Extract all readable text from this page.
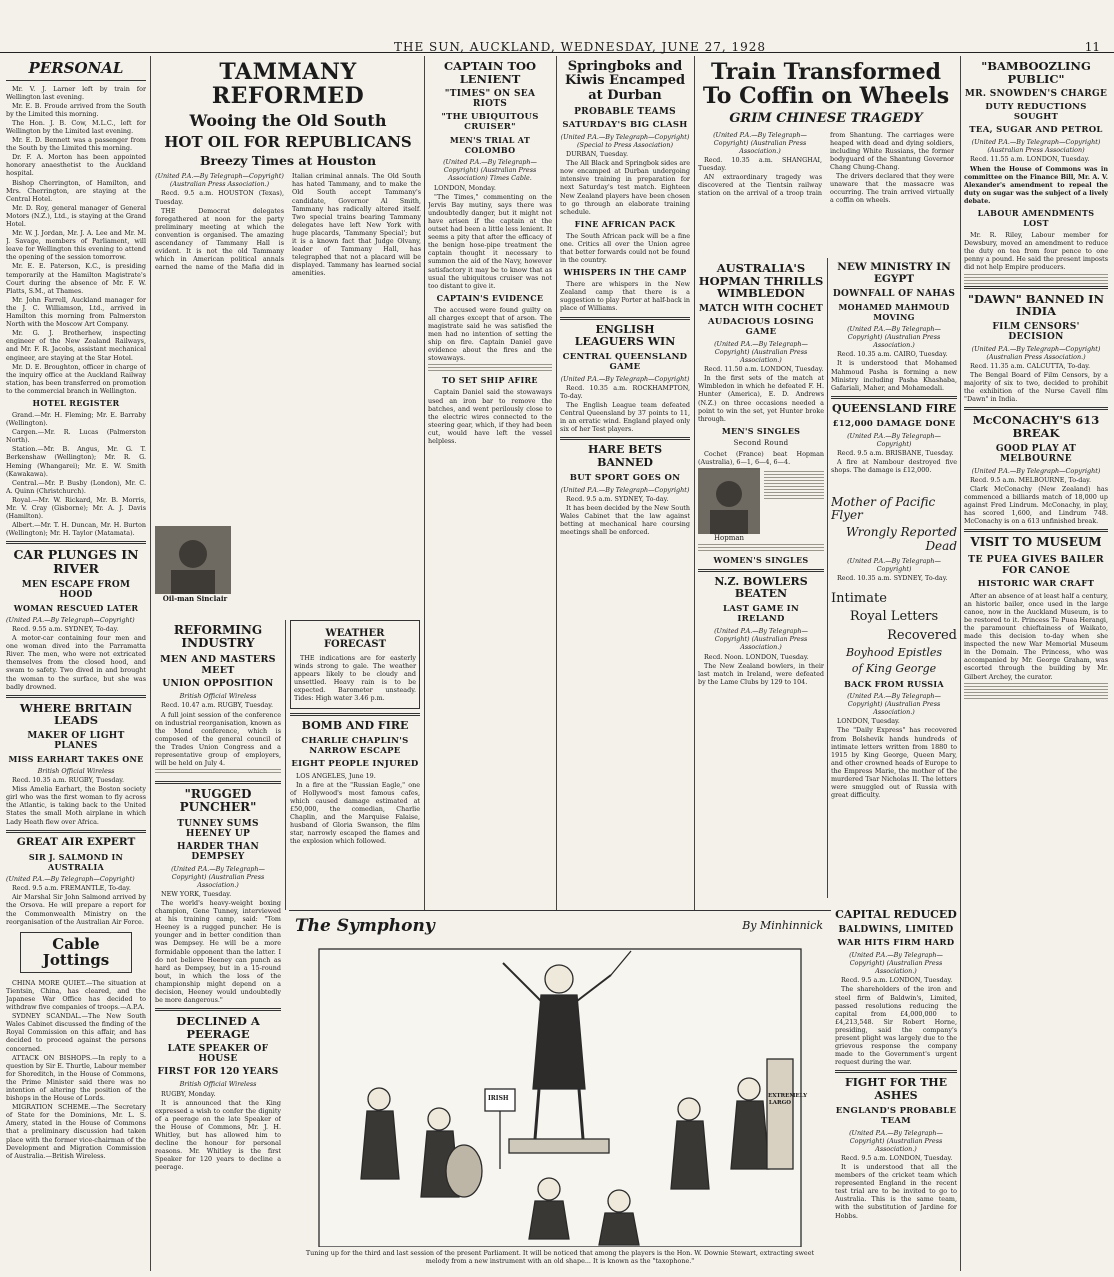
THE SUN, AUCKLAND, WEDNESDAY, JUNE 27, 1928	11
PERSONAL

Mr. V. J. Larner left by train for Wellington last evening.

Mr. E. B. Froude arrived from the South by the Limited this morning.

The Hon. J. B. Cow, M.L.C., left for Wellington by the Limited last evening.

Mr. E. D. Bennett was a passenger from the South by the Limited this morning.

Dr. F. A. Morton has been appointed honorary anaesthetist to the Auckland hospital.

Bishop Cherrington, of Hamilton, and Mrs. Cherrington, are staying at the Central Hotel.

Mr. D. Roy, general manager of General Motors (N.Z.), Ltd., is staying at the Grand Hotel.

Mr. W. J. Jordan, Mr. J. A. Lee and Mr. M. J. Savage, members of Parliament, will leave for Wellington this evening to attend the opening of the session tomorrow.

Mr. E. E. Paterson, K.C., is presiding temporarily at the Hamilton Magistrate's Court during the absence of Mr. F. W. Platts, S.M., at Thames.

Mr. John Farrell, Auckland manager for the J. C. Williamson, Ltd., arrived in Hamilton this morning from Palmerston North with the Moscow Art Company.

Mr. G. J. Brotherhew, inspecting engineer of the New Zealand Railways, and Mr. F. R. Jacobs, assistant mechanical engineer, are staying at the Star Hotel.

Mr. D. E. Broughton, officer in charge of the inquiry office at the Auckland Railway station, has been transferred on promotion to the commercial branch in Wellington.

HOTEL REGISTER

Grand.—Mr. H. Fleming; Mr. E. Barraby (Wellington).

Cargen.—Mr. R. Lucas (Palmerston North).

Station.—Mr. B. Angus, Mr. G. T. Berkenshaw (Wellington); Mr. R. G. Heming (Whangarei); Mr. E. W. Smith (Kawakawa).

Central.—Mr. P. Busby (London), Mr. C. A. Quinn (Christchurch).

Royal.—Mr. W. Rickard, Mr. B. Morris, Mr. V. Cray (Gisborne); Mr. A. J. Davis (Hamilton).

Albert.—Mr. T. H. Duncan, Mr. H. Burton (Wellington); Mr. H. Taylor (Matamata).

CAR PLUNGES IN RIVER
MEN ESCAPE FROM HOOD
WOMAN RESCUED LATER

(United P.A.—By Telegraph—Copyright)

Recd. 9.55 a.m. SYDNEY, To-day.

A motor-car containing four men and one woman dived into the Parramatta River. The men, who were not extricated themselves from the closed hood, and swam to safety. Two dived in and brought the woman to the surface, but she was badly drowned.

WHERE BRITAIN LEADS
MAKER OF LIGHT PLANES
MISS EARHART TAKES ONE

British Official Wireless

Recd. 10.35 a.m. RUGBY, Tuesday.

Miss Amelia Earhart, the Boston society girl who was the first woman to fly across the Atlantic, is taking back to the United States the small Moth airplane in which Lady Heath flew over Africa.

GREAT AIR EXPERT
SIR J. SALMOND IN AUSTRALIA

(United P.A.—By Telegraph—Copyright)

Recd. 9.5 a.m. FREMANTLE, To-day.

Air Marshal Sir John Salmond arrived by the Orsova. He will prepare a report for the Commonwealth Ministry on the reorganisation of the Australian Air Force.

Cable Jottings

CHINA MORE QUIET.—The situation at Tientsin, China, has cleared, and the Japanese War Office has decided to withdraw five companies of troops.—A.P.A.

SYDNEY SCANDAL.—The New South Wales Cabinet discussed the finding of the Royal Commission on this affair, and has decided to proceed against the persons concerned.

ATTACK ON BISHOPS.—In reply to a question by Sir E. Thurtle, Labour member for Shoreditch, in the House of Commons, the Prime Minister said there was no intention of altering the position of the bishops in the House of Lords.

MIGRATION SCHEME.—The Secretary of State for the Dominions, Mr. L. S. Amery, stated in the House of Commons that a preliminary discussion had taken place with the former vice-chairman of the Development and Migration Commission of Australia.—British Wireless.

TAMMANY REFORMED
Wooing the Old South
HOT OIL FOR REPUBLICANS
Breezy Times at Houston

(United P.A.—By Telegraph—Copyright) (Australian Press Association.)

Recd. 9.5 a.m. HOUSTON (Texas), Tuesday.

THE Democrat delegates foregathered at noon for the party preliminary meeting at which the convention is organised. The amazing ascendancy of Tammany Hall is evident. It is not the old Tammany which in American political annals earned the name of the Mafia did in Italian criminal annals. The Old South has hated Tammany, and to make the Old South accept Tammany's candidate, Governor Al Smith, Tammany has radically altered itself. Two special trains bearing Tammany delegates have left New York with huge placards, 'Tammany Special'; but it is a known fact that Judge Olvany, leader of Tammany Hall, has telegraphed that not a placard will be displayed. Tammany has learned social amenities.

Oil-man Sinclair
REFORMING INDUSTRY
MEN AND MASTERS MEET
UNION OPPOSITION

British Official Wireless

Recd. 10.47 a.m. RUGBY, Tuesday.

A full joint session of the conference on industrial reorganisation, known as the Mond conference, which is composed of the general council of the Trades Union Congress and a representative group of employers, will be held on July 4.

"RUGGED PUNCHER"
TUNNEY SUMS HEENEY UP
HARDER THAN DEMPSEY

(United P.A.—By Telegraph—Copyright) (Australian Press Association.)

NEW YORK, Tuesday.

The world's heavy-weight boxing champion, Gene Tunney, interviewed at his training camp, said: "Tom Heeney is a rugged puncher. He is younger and in better condition than was Dempsey. He will be a more formidable opponent than the latter. I do not believe Heeney can punch as hard as Dempsey, but in a 15-round bout, in which the loss of the championship might depend on a decision, Heeney would undoubtedly be more dangerous."

DECLINED A PEERAGE
LATE SPEAKER OF HOUSE
FIRST FOR 120 YEARS

British Official Wireless

RUGBY, Monday.

It is announced that the King expressed a wish to confer the dignity of a peerage on the late Speaker of the House of Commons, Mr. J. H. Whitley, but has allowed him to decline the honour for personal reasons. Mr. Whitley is the first Speaker for 120 years to decline a peerage.

WEATHER FORECAST

THE indications are for easterly winds strong to gale. The weather appears likely to be cloudy and unsettled. Heavy rain is to be expected. Barometer unsteady. Tides: High water 3.46 p.m.

BOMB AND FIRE
CHARLIE CHAPLIN'S NARROW ESCAPE
EIGHT PEOPLE INJURED

LOS ANGELES, June 19.

In a fire at the "Russian Eagle," one of Hollywood's most famous cafes, which caused damage estimated at £50,000, the comedian, Charlie Chaplin, and the Marquise Falaise, husband of Gloria Swanson, the film star, narrowly escaped the flames and the explosion which followed.

CAPTAIN TOO LENIENT
"TIMES" ON SEA RIOTS
"THE UBIQUITOUS CRUISER"
MEN'S TRIAL AT COLOMBO

(United P.A.—By Telegraph—Copyright) (Australian Press Association) Times Cable.

LONDON, Monday.

"The Times," commenting on the Jervis Bay mutiny, says there was undoubtedly danger, but it might not have arisen if the captain at the outset had been a little less lenient. It seems a pity that after the efficacy of the benign hose-pipe treatment the captain thought it necessary to summon the aid of the Navy, however satisfactory it may be to know that as usual the ubiquitous cruiser was not too distant to give it.

CAPTAIN'S EVIDENCE

The accused were found guilty on all charges except that of arson. The magistrate said he was satisfied the men had no intention of setting the ship on fire. Captain Daniel gave evidence about the fires and the stowaways.

TO SET SHIP AFIRE

Captain Daniel said the stowaways used an iron bar to remove the batches, and went perilously close to the electric wires connected to the steering gear, which, if they had been cut, would have left the vessel helpless.

Springboks and Kiwis Encamped at Durban
PROBABLE TEAMS
SATURDAY'S BIG CLASH

(United P.A.—By Telegraph—Copyright) (Special to Press Association)

DURBAN, Tuesday.

The All Black and Springbok sides are now encamped at Durban undergoing intensive training in preparation for next Saturday's test match. Eighteen New Zealand players have been chosen to go through an elaborate training schedule.

FINE AFRICAN PACK

The South African pack will be a fine one. Critics all over the Union agree that better forwards could not be found in the country.

WHISPERS IN THE CAMP

There are whispers in the New Zealand camp that there is a suggestion to play Porter at half-back in place of Williams.

ENGLISH LEAGUERS WIN
CENTRAL QUEENSLAND GAME

(United P.A.—By Telegraph—Copyright)

Recd. 10.35 a.m. ROCKHAMPTON, To-day.

The English League team defeated Central Queensland by 37 points to 11, in an erratic wind. England played only six of her Test players.

HARE BETS BANNED
BUT SPORT GOES ON

(United P.A.—By Telegraph—Copyright)

Recd. 9.5 a.m. SYDNEY, To-day.

It has been decided by the New South Wales Cabinet that the law against betting at mechanical hare coursing meetings shall be enforced.

Train Transformed To Coffin on Wheels
GRIM CHINESE TRAGEDY

(United P.A.—By Telegraph—Copyright) (Australian Press Association.)

Recd. 10.35 a.m. SHANGHAI, Tuesday.

AN extraordinary tragedy was discovered at the Tientsin railway station on the arrival of a troop train from Shantung. The carriages were heaped with dead and dying soldiers, including White Russians, the former bodyguard of the Shantung Governor Chang Chung-Chang.

The drivers declared that they were unaware that the massacre was occurring. The train arrived virtually a coffin on wheels.

AUSTRALIA'S HOPMAN THRILLS WIMBLEDON
MATCH WITH COCHET
AUDACIOUS LOSING GAME

(United P.A.—By Telegraph—Copyright) (Australian Press Association.)

Recd. 11.50 a.m. LONDON, Tuesday.

In the first sets of the match at Wimbledon in which he defeated F. H. Hunter (America), E. D. Andrews (N.Z.) on three occasions needed a point to win the set, yet Hunter broke through.

MEN'S SINGLES
Second Round

Cochet (France) beat Hopman (Australia), 6—1, 6—4, 6—4.

Hopman
WOMEN'S SINGLES
N.Z. BOWLERS BEATEN
LAST GAME IN IRELAND

(United P.A.—By Telegraph—Copyright) (Australian Press Association.)

Recd. Noon. LONDON, Tuesday.

The New Zealand bowlers, in their last match in Ireland, were defeated by the Lame Clubs by 129 to 104.

NEW MINISTRY IN EGYPT
DOWNFALL OF NAHAS
MOHAMED MAHMOUD MOVING

(United P.A.—By Telegraph—Copyright) (Australian Press Association.)

Recd. 10.35 a.m. CAIRO, Tuesday.

It is understood that Mohamed Mahmoud Pasha is forming a new Ministry including Pasha Khashaba, Gafariali, Maher, and Mohamedali.

QUEENSLAND FIRE
£12,000 DAMAGE DONE

(United P.A.—By Telegraph—Copyright)

Recd. 9.5 a.m. BRISBANE, Tuesday.

A fire at Nambour destroyed five shops. The damage is £12,000.

Mother of Pacific Flyer
Wrongly Reported Dead

(United P.A.—By Telegraph—Copyright)

Recd. 10.35 a.m. SYDNEY, To-day.

Intimate
Royal Letters
Recovered
Boyhood Epistles
of King George
BACK FROM RUSSIA

(United P.A.—By Telegraph—Copyright) (Australian Press Association.)

LONDON, Tuesday.

The "Daily Express" has recovered from Bolshevik hands hundreds of intimate letters written from 1880 to 1915 by King George, Queen Mary, and other crowned heads of Europe to the Empress Marie, the mother of the murdered Tsar Nicholas II. The letters were smuggled out of Russia with great difficulty.

The Symphony	By Minhinnick
IRISH	EXTREMELY LARGO
Tuning up for the third and last session of the present Parliament. It will be noticed that among the players is the Hon. W. Downie Stewart, extracting sweet melody from a new instrument with an old shape... It is known as the "taxophone."
"BAMBOOZLING PUBLIC"
MR. SNOWDEN'S CHARGE
DUTY REDUCTIONS SOUGHT
TEA, SUGAR AND PETROL

(United P.A.—By Telegraph—Copyright) (Australian Press Association)

Recd. 11.55 a.m. LONDON, Tuesday.

When the House of Commons was in committee on the Finance Bill, Mr. A. V. Alexander's amendment to repeal the duty on sugar was the subject of a lively debate.

LABOUR AMENDMENTS LOST

Mr. R. Riley, Labour member for Dewsbury, moved an amendment to reduce the duty on tea from four pence to one penny a pound. He said the present imposts did not help Empire producers.

"DAWN" BANNED IN INDIA
FILM CENSORS' DECISION

(United P.A.—By Telegraph—Copyright) (Australian Press Association.)

Recd. 11.35 a.m. CALCUTTA, To-day.

The Bengal Board of Film Censors, by a majority of six to two, decided to prohibit the exhibition of the Nurse Cavell film "Dawn" in India.

McCONACHY'S 613 BREAK
GOOD PLAY AT MELBOURNE

(United P.A.—By Telegraph—Copyright)

Recd. 9.5 a.m. MELBOURNE, To-day.

Clark McConachy (New Zealand) has commenced a billiards match of 18,000 up against Fred Lindrum. McConachy, in play, has scored 1,600, and Lindrum 748. McConachy is on a 613 unfinished break.

VISIT TO MUSEUM
TE PUEA GIVES BAILER FOR CANOE
HISTORIC WAR CRAFT

After an absence of at least half a century, an historic bailer, once used in the large canoe, now in the Auckland Museum, is to be restored to it. Princess Te Puea Herangi, the paramount chieftainess of Waikato, made this decision to-day when she inspected the new War Memorial Museum in the Domain. The Princess, who was accompanied by Mr. George Graham, was escorted through the building by Mr. Gilbert Archey, the curator.

CAPITAL REDUCED
BALDWINS, LIMITED
WAR HITS FIRM HARD

(United P.A.—By Telegraph—Copyright) (Australian Press Association.)

Recd. 9.5 a.m. LONDON, Tuesday.

The shareholders of the iron and steel firm of Baldwin's, Limited, passed resolutions reducing the capital from £4,000,000 to £4,213,548. Sir Robert Horne, presiding, said the company's present plight was largely due to the grievous response the company made to the Government's urgent request during the war.

FIGHT FOR THE ASHES
ENGLAND'S PROBABLE TEAM

(United P.A.—By Telegraph—Copyright) (Australian Press Association.)

Recd. 9.5 a.m. LONDON, Tuesday.

It is understood that all the members of the cricket team which represented England in the recent test trial are to be invited to go to Australia. This is the same team, with the substitution of Jardine for Hobbs.
